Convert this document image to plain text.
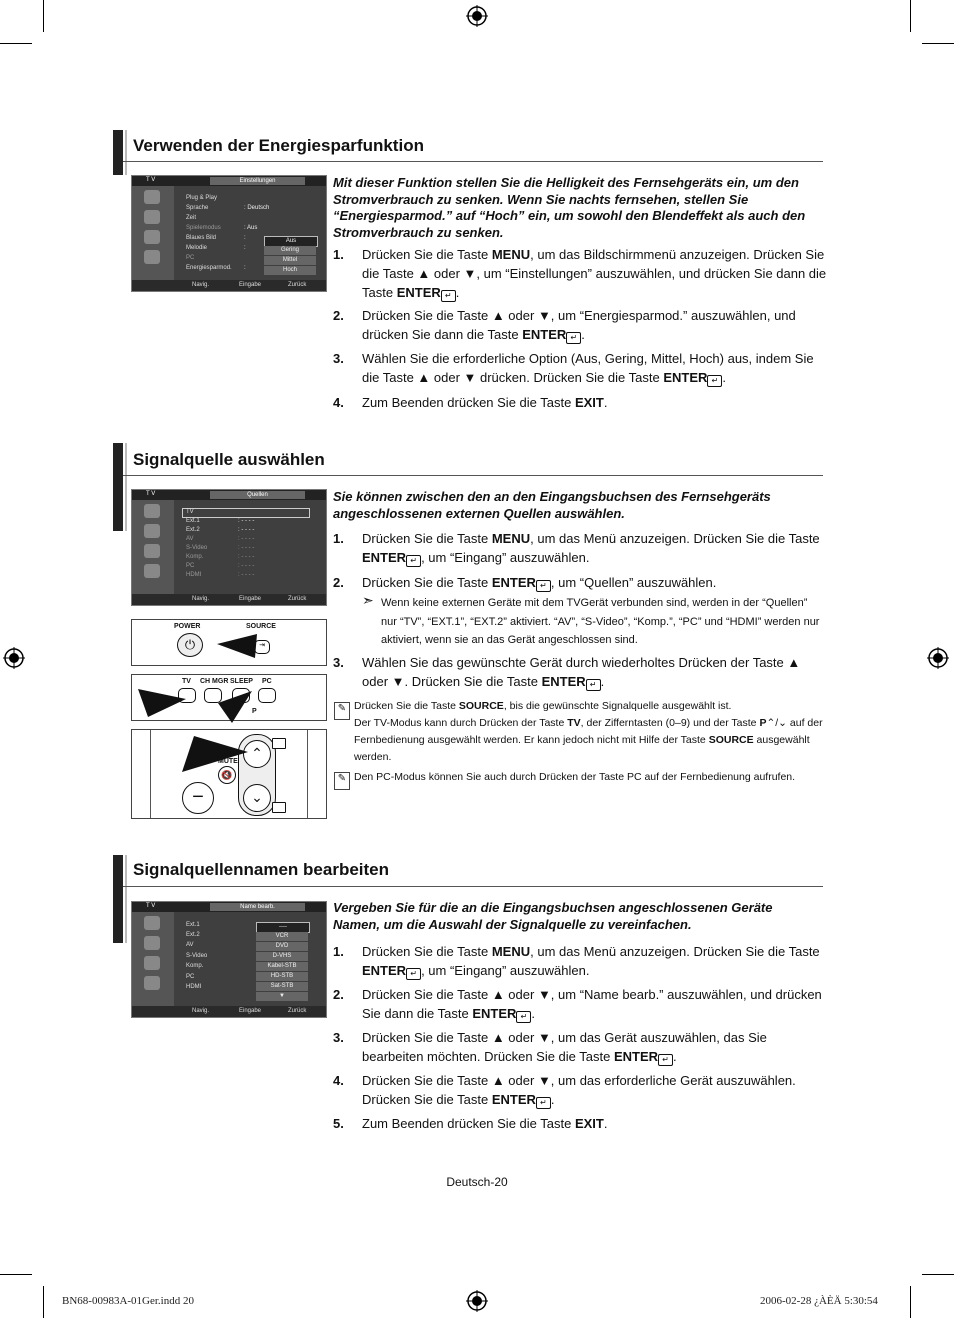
Verwenden der Energiesparfunktion
T V	Einstellungen
Plug & Play
Sprache
Zeit
Spielemodus
Blaues Bild
Melodie
PC
Energiesparmod.
: Deutsch
: Aus
:
:
:
Aus
Gering
Mittel
Hoch
Navig.	Eingabe	Zurück
Mit dieser Funktion stellen Sie die Helligkeit des Fernsehgeräts ein, um den Stromverbrauch zu senken. Wenn Sie nachts fernsehen, stellen Sie “Energiesparmod.” auf “Hoch” ein, um sowohl den Blendeffekt als auch den Stromverbrauch zu senken.
1. Drücken Sie die Taste MENU, um das Bildschirmmenü anzuzeigen. Drücken Sie die Taste ▲ oder ▼, um “Einstellungen” auszuwählen, und drücken Sie dann die Taste ENTER ↵ .
2. Drücken Sie die Taste ▲ oder ▼, um “Energiesparmod.” auszuwählen, und drücken Sie dann die Taste ENTER ↵ .
3. Wählen Sie die erforderliche Option (Aus, Gering, Mittel, Hoch) aus, indem Sie die Taste ▲ oder ▼ drücken. Drücken Sie die Taste ENTER ↵ .
4. Zum Beenden drücken Sie die Taste EXIT.
Signalquelle auswählen
T V	Quellen
TV
Ext.1
Ext.2
AV
S-Video
Komp.
PC
HDMI
: - - - -
: - - - -
: - - - -
: - - - -
: - - - -
: - - - -
: - - - -
Navig.	Eingabe	Zurück
POWER	SOURCE
⏻	⇥
TV CH MGR SLEEP PC
P
−
🔇
MUTE
⌃
⌄
Sie können zwischen den an den Eingangsbuchsen des Fernsehgeräts angeschlossenen externen Quellen auswählen.
1. Drücken Sie die Taste MENU, um das Menü anzuzeigen. Drücken Sie die Taste ENTER ↵ , um “Eingang” auszuwählen.
2. Drücken Sie die Taste ENTER ↵ , um “Quellen” auszuwählen.
➣ Wenn keine externen Geräte mit dem TVGerät verbunden sind, werden in der “Quellen” nur “TV”, “EXT.1”, “EXT.2” aktiviert. “AV”, “S-Video”, “Komp.”, “PC” und “HDMI” werden nur aktiviert, wenn sie an das Gerät angeschlossen sind.
3. Wählen Sie das gewünschte Gerät durch wiederholtes Drücken der Taste ▲ oder ▼. Drücken Sie die Taste ENTER ↵ .
✎ Drücken Sie die Taste SOURCE, bis die gewünschte Signalquelle ausgewählt ist.
Der TV-Modus kann durch Drücken der Taste TV, der Zifferntasten (0–9) und der Taste P⌃/⌄ auf der Fernbedienung ausgewählt werden. Er kann jedoch nicht mit Hilfe der Taste SOURCE ausgewählt werden.
✎ Den PC-Modus können Sie auch durch Drücken der Taste PC auf der Fernbedienung aufrufen.
Signalquellennamen bearbeiten
T V	Name bearb.
Ext.1
Ext.2
AV
S-Video
Komp.
PC
HDMI
----
VCR
DVD
D-VHS
Kabel-STB
HD-STB
Sat-STB
▼
Navig.	Eingabe	Zurück
Vergeben Sie für die an die Eingangsbuchsen angeschlossenen Geräte Namen, um die Auswahl der Signalquelle zu vereinfachen.
1. Drücken Sie die Taste MENU, um das Menü anzuzeigen. Drücken Sie die Taste ENTER ↵ , um “Eingang” auszuwählen.
2. Drücken Sie die Taste ▲ oder ▼, um “Name bearb.” auszuwählen, und drücken Sie dann die Taste ENTER ↵ .
3. Drücken Sie die Taste ▲ oder ▼, um das Gerät auszuwählen, das Sie bearbeiten möchten. Drücken Sie die Taste ENTER ↵ .
4. Drücken Sie die Taste ▲ oder ▼, um das erforderliche Gerät auszuwählen. Drücken Sie die Taste ENTER ↵ .
5. Zum Beenden drücken Sie die Taste EXIT.
Deutsch-20
BN68-00983A-01Ger.indd 20	2006-02-28 ¿ÀÈÄ 5:30:54
